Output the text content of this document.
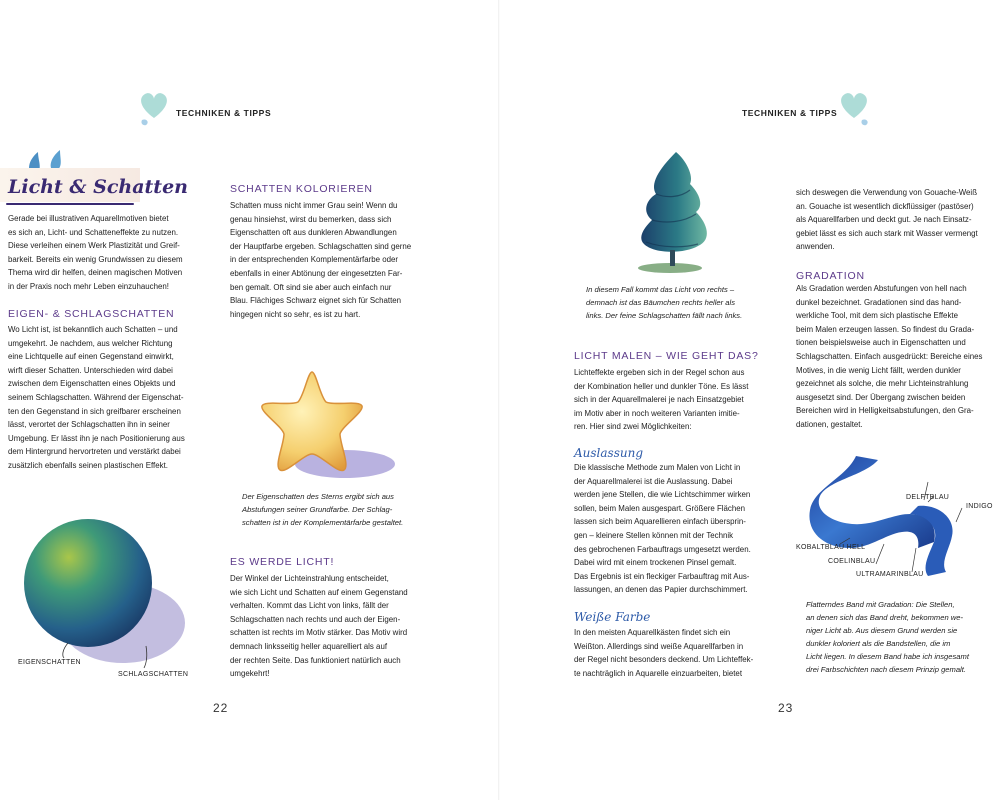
TECHNIKEN & TIPPS
Licht & Schatten
Gerade bei illustrativen Aquarellmotiven bietet
es sich an, Licht- und Schatteneffekte zu nutzen.
Diese verleihen einem Werk Plastizität und Greif-
barkeit. Bereits ein wenig Grundwissen zu diesem
Thema wird dir helfen, deinen magischen Motiven
in der Praxis noch mehr Leben einzuhauchen!
EIGEN- & SCHLAGSCHATTEN
Wo Licht ist, ist bekanntlich auch Schatten – und
umgekehrt. Je nachdem, aus welcher Richtung
eine Lichtquelle auf einen Gegenstand einwirkt,
wirft dieser Schatten. Unterschieden wird dabei
zwischen dem Eigenschatten eines Objekts und
seinem Schlagschatten. Während der Eigenschat-
ten den Gegenstand in sich greifbarer erscheinen
lässt, verortet der Schlagschatten ihn in seiner
Umgebung. Er lässt ihn je nach Positionierung aus
dem Hintergrund hervortreten und verstärkt dabei
zusätzlich ebenfalls seinen plastischen Effekt.
EIGENSCHATTEN
SCHLAGSCHATTEN
SCHATTEN KOLORIEREN
Schatten muss nicht immer Grau sein! Wenn du
genau hinsiehst, wirst du bemerken, dass sich
Eigenschatten oft aus dunkleren Abwandlungen
der Hauptfarbe ergeben. Schlagschatten sind gerne
in der entsprechenden Komplementärfarbe oder
ebenfalls in einer Abtönung der eingesetzten Far-
ben gemalt. Oft sind sie aber auch einfach nur
Blau. Flächiges Schwarz eignet sich für Schatten
hingegen nicht so sehr, es ist zu hart.
Der Eigenschatten des Sterns ergibt sich aus
Abstufungen seiner Grundfarbe. Der Schlag-
schatten ist in der Komplementärfarbe gestaltet.
ES WERDE LICHT!
Der Winkel der Lichteinstrahlung entscheidet,
wie sich Licht und Schatten auf einem Gegenstand
verhalten. Kommt das Licht von links, fällt der
Schlagschatten nach rechts und auch der Eigen-
schatten ist rechts im Motiv stärker. Das Motiv wird
demnach linksseitig heller aquarelliert als auf
der rechten Seite. Das funktioniert natürlich auch
umgekehrt!
22
TECHNIKEN & TIPPS
In diesem Fall kommt das Licht von rechts –
demnach ist das Bäumchen rechts heller als
links. Der feine Schlagschatten fällt nach links.
LICHT MALEN – WIE GEHT DAS?
Lichteffekte ergeben sich in der Regel schon aus
der Kombination heller und dunkler Töne. Es lässt
sich in der Aquarellmalerei je nach Einsatzgebiet
im Motiv aber in noch weiteren Varianten imitie-
ren. Hier sind zwei Möglichkeiten:
Auslassung
Die klassische Methode zum Malen von Licht in
der Aquarellmalerei ist die Auslassung. Dabei
werden jene Stellen, die wie Lichtschimmer wirken
sollen, beim Malen ausgespart. Größere Flächen
lassen sich beim Aquarellieren einfach übersprin-
gen – kleinere Stellen können mit der Technik
des gebrochenen Farbauftrags umgesetzt werden.
Dabei wird mit einem trockenen Pinsel gemalt.
Das Ergebnis ist ein fleckiger Farbauftrag mit Aus-
lassungen, an denen das Papier durchschimmert.
Weiße Farbe
In den meisten Aquarellkästen findet sich ein
Weißton. Allerdings sind weiße Aquarellfarben in
der Regel nicht besonders deckend. Um Lichteffek-
te nachträglich in Aquarelle einzuarbeiten, bietet
sich deswegen die Verwendung von Gouache-Weiß
an. Gouache ist wesentlich dickflüssiger (pastöser)
als Aquarellfarben und deckt gut. Je nach Einsatz-
gebiet lässt es sich auch stark mit Wasser vermengt
anwenden.
GRADATION
Als Gradation werden Abstufungen von hell nach
dunkel bezeichnet. Gradationen sind das hand-
werkliche Tool, mit dem sich plastische Effekte
beim Malen erzeugen lassen. So findest du Grada-
tionen beispielsweise auch in Eigenschatten und
Schlagschatten. Einfach ausgedrückt: Bereiche eines
Motives, in die wenig Licht fällt, werden dunkler
gezeichnet als solche, die mehr Lichteinstrahlung
ausgesetzt sind. Der Übergang zwischen beiden
Bereichen wird in Helligkeitsabstufungen, den Gra-
dationen, gestaltet.
DELFTBLAU
INDIGO
KOBALTBLAU HELL
COELINBLAU
ULTRAMARINBLAU
Flatterndes Band mit Gradation: Die Stellen,
an denen sich das Band dreht, bekommen we-
niger Licht ab. Aus diesem Grund werden sie
dunkler koloriert als die Bandstellen, die im
Licht liegen. In diesem Band habe ich insgesamt
drei Farbschichten nach diesem Prinzip gemalt.
23
